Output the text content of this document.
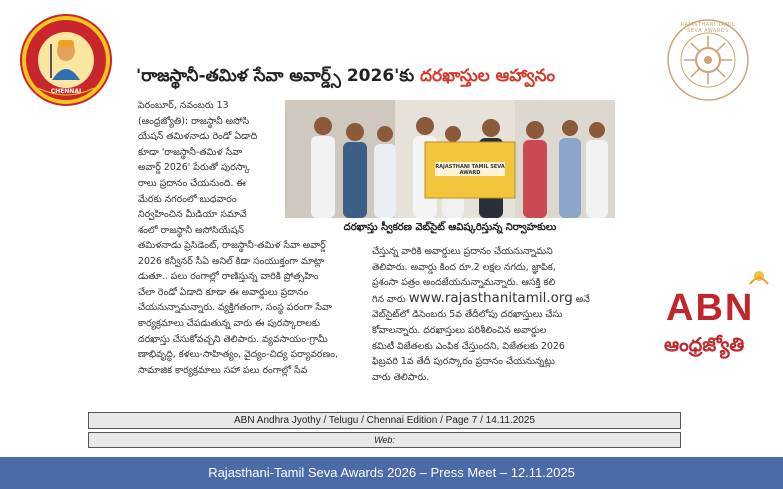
CHENNAI
RAJASTHANI TAMIL SEVA AWARDS
'రాజస్థానీ-తమిళ సేవా అవార్డ్స్ 2026'కు దరఖాస్తుల ఆహ్వానం
పెరంబూర్, నవంబరు 13
(ఆంధ్రజ్యోతి): రాజస్థానీ అసోసి
యేషన్ తమిళనాడు రెండో ఏడాది
కూడా 'రాజస్థానీ-తమిళ సేవా
అవార్డ్ 2026' పేరుతో పురస్కా
రాలు ప్రదానం చేయనుంది. ఈ
మేరకు నగరంలో బుధవారం
నిర్వహించిన మీడియా సమావే
శంలో రాజస్థానీ అసోసియేషన్
తమిళనాడు ప్రెసిడెంట్, రాజస్థానీ-తమిళ సేవా అవార్డ్
2026 కన్వీనర్ సీఏ అనిల్ కిడా సంయుక్తంగా మాట్లా
డుతూ.. పలు రంగాల్లో రాణిస్తున్న వారికి ప్రోత్సహిం
చేలా రెండో ఏడాది కూడా ఈ అవార్డులు ప్రదానం
చేయనున్నామన్నారు. వ్యక్తిగతంగా, సంస్థ పరంగా సేవా
కార్యక్రమాలు చేపడుతున్న వారు ఈ పురస్కారాలకు
దరఖాస్తు చేసుకోవచ్చని తెలిపారు. వ్యవసాయం-గ్రామీ
ణాభివృద్ధి, కళలు-సాహిత్యం, వైద్యం-చిద్య పర్యావరణం,
సామాజిక కార్యక్రమాలు సహా పలు రంగాల్లో సేవ
RAJASTHANI TAMIL SEVA AWARD
దరఖాస్తు స్వీకరణ వెబ్‌సైట్ ఆవిష్కరిస్తున్న నిర్వాహకులు
చేస్తున్న వారికి అవార్డులు ప్రదానం చేయనున్నామని
తెలిపారు. అవార్డు కింద రూ.2 లక్షల నగదు, జ్ఞాపిక,
ప్రశంసా పత్రం అందజేయనున్నామన్నారు. ఆసక్తి కలి
గిన వారు www.rajasthanitamil.org అనే
వెబ్‌సైట్‌లో డిసెంబరు 5వ తేదీలోపు దరఖాస్తులు చేసు
కోవాలన్నారు. దరఖాస్తులు పరిశీలించిన అవార్డుల
కమిటీ విజేతలకు ఎంపిక చేస్తుందని, విజేతలకు 2026
ఫిబ్రవరి 1వ తేదీ పురస్కారం ప్రదానం చేయనున్నట్లు
వారు తెలిపారు.
ABN
ఆంధ్రజ్యోతి
ABN Andhra Jyothy / Telugu / Chennai Edition / Page 7 / 14.11.2025
Web:
Rajasthani-Tamil Seva Awards 2026 – Press Meet – 12.11.2025
